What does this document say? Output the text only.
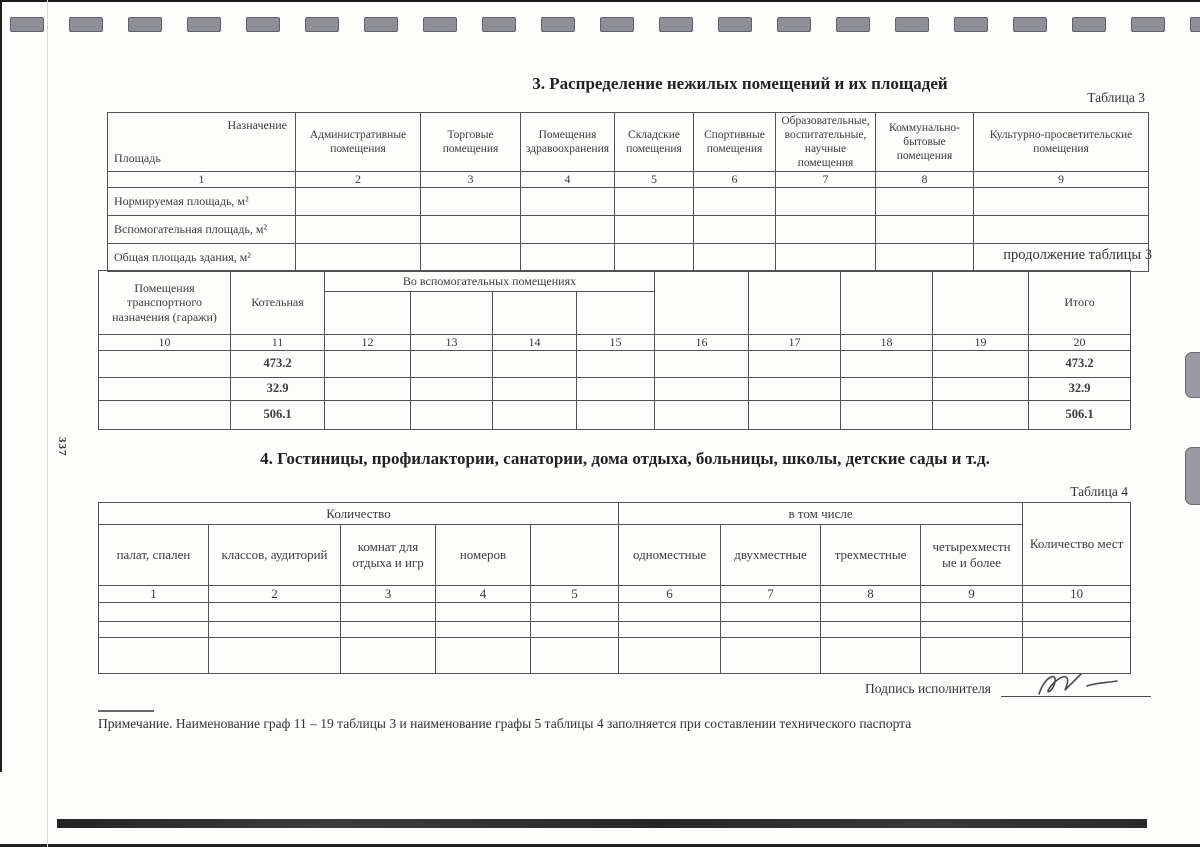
337
3. Распределение нежилых помещений и их площадей
Таблица 3
Назначение
Площадь	Административные помещения	Торговые помещения	Помещения здравоохранения	Складские помещения	Спортивные помещения	Образовательные, воспитательные, научные помещения	Коммунально-бытовые помещения	Культурно-просветительские помещения
1	2	3	4	5	6	7	8	9
Нормируемая площадь, м²								
Вспомогательная площадь, м²								
Общая площадь здания, м²									продолжение таблицы 3
Помещения транспортного назначения (гаражи)	Котельная	Во вспомогательных помещениях								Итого

10	11	12	13	14	15	16	17	18	19	20
	473.2									473.2
	32.9									32.9
	506.1									506.1
4. Гостиницы, профилактории, санатории, дома отдыха, больницы, школы, детские сады и т.д.
Таблица 4
Количество					в том числе				Количество мест
палат, спален	классов, аудиторий	комнат для отдыха и игр	номеров		одноместные	двухместные	трехместные	четырехместные и более	
1	2	3	4	5	6	7	8	9	10

Подпись исполнителя
Примечание. Наименование граф 11 – 19 таблицы 3 и наименование графы 5 таблицы 4 заполняется при составлении технического паспорта
